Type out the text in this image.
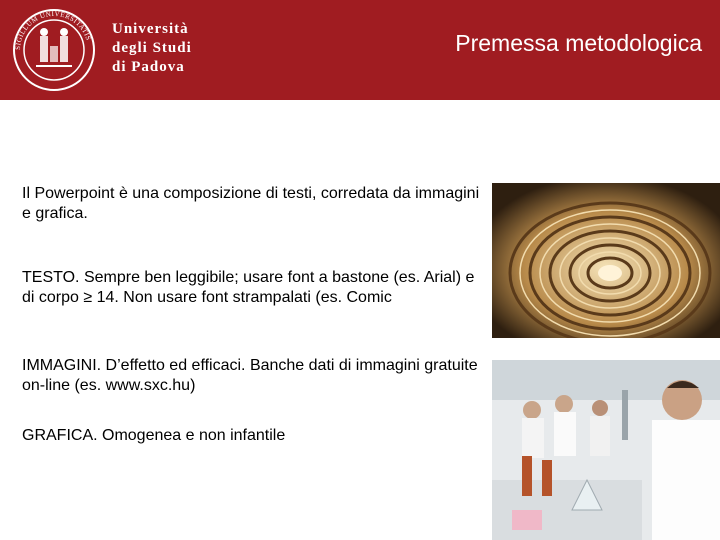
SIGILLUM UNIVERSITATIS
Università
degli Studi
di Padova
Premessa metodologica

Il Powerpoint è una composizione di testi, corredata da immagini e grafica.

TESTO. Sempre ben leggibile; usare font a bastone (es. Arial) e di corpo ≥ 14. Non usare font strampalati (es. Comic

IMMAGINI. D’effetto ed efficaci. Banche dati di immagini gratuite on-line (es. www.sxc.hu)

GRAFICA. Omogenea e non infantile
